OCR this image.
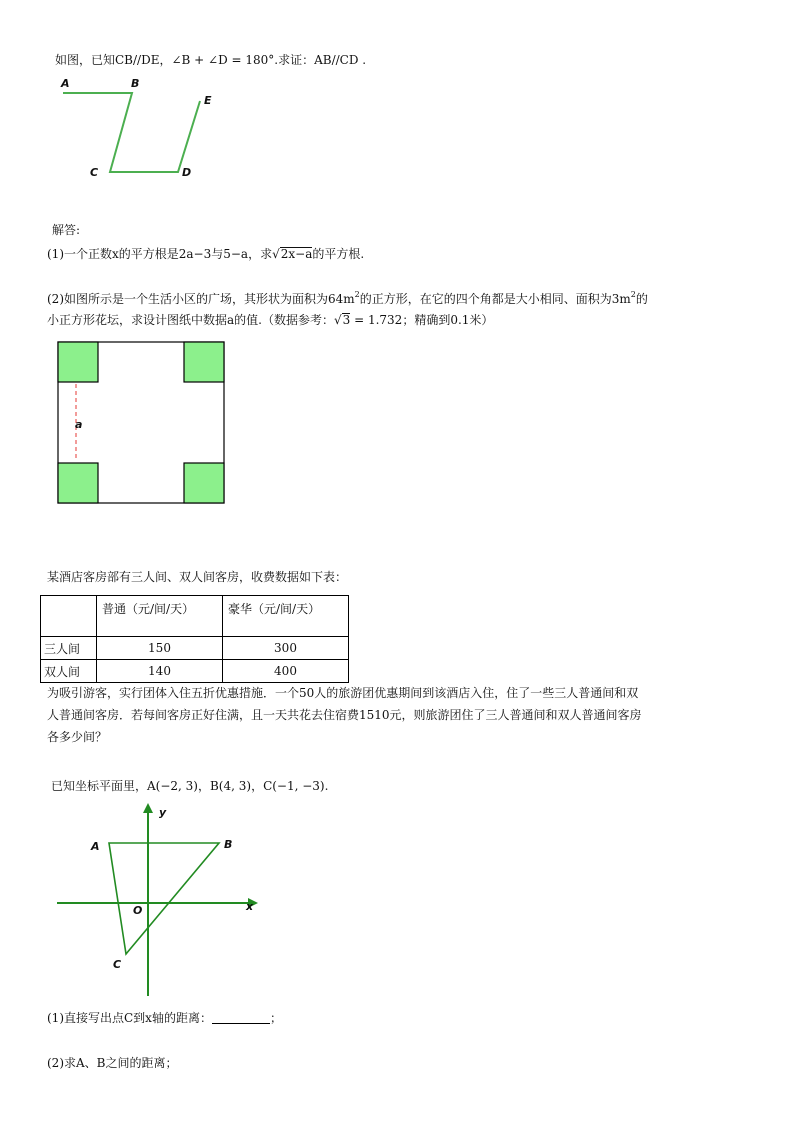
如图，已知CB//DE，∠B + ∠D = 180°.求证：AB//CD .
A	B
E
C	D
解答:
(1)一个正数x的平方根是2a−3与5−a，求√2x−a的平方根.
(2)如图所示是一个生活小区的广场，其形状为面积为$64m^2$的正方形，在它的四个角都是大小相同、面积为$3m^2$的
小正方形花坛，求设计图纸中数据a的值.（数据参考：√3 = 1.732；精确到0.1米）
a
某酒店客房部有三人间、双人间客房，收费数据如下表：
	普通（元/间/天）	豪华（元/间/天）
三人间	150	300
双人间	140	400
为吸引游客，实行团体入住五折优惠措施．一个50人的旅游团优惠期间到该酒店入住，住了一些三人普通间和双
人普通间客房．若每间客房正好住满，且一天共花去住宿费1510元，则旅游团住了三人普通间和双人普通间客房
各多少间？
已知坐标平面里，A(−2, 3)，B(4, 3)，C(−1, −3).
A	B
C
O	x
y
(1)直接写出点C到x轴的距离：	；
(2)求A、B之间的距离；
